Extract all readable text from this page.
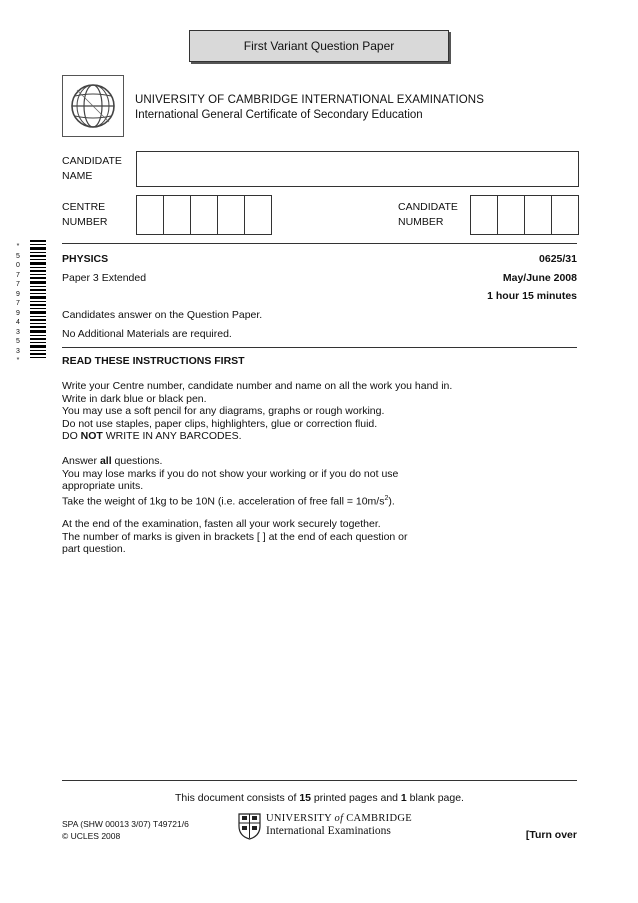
First Variant Question Paper
UNIVERSITY OF CAMBRIDGE INTERNATIONAL EXAMINATIONS
International General Certificate of Secondary Education
CANDIDATE
NAME
CENTRE
NUMBER
CANDIDATE
NUMBER
*
5
0
7
7
9
7
9
4
3
5
3
*
PHYSICS	0625/31
Paper 3 Extended	May/June 2008
1 hour 15 minutes
Candidates answer on the Question Paper.
No Additional Materials are required.
READ THESE INSTRUCTIONS FIRST
Write your Centre number, candidate number and name on all the work you hand in.
Write in dark blue or black pen.
You may use a soft pencil for any diagrams, graphs or rough working.
Do not use staples, paper clips, highlighters, glue or correction fluid.
DO NOT WRITE IN ANY BARCODES.
Answer all questions.
You may lose marks if you do not show your working or if you do not use
appropriate units.
Take the weight of 1kg to be 10N (i.e. acceleration of free fall = $10m/s^2$).
At the end of the examination, fasten all your work securely together.
The number of marks is given in brackets [ ] at the end of each question or
part question.
This document consists of 15 printed pages and 1 blank page.
SPA (SHW 00013 3/07) T49721/6
© UCLES 2008
UNIVERSITY of CAMBRIDGE
International Examinations	[Turn over
